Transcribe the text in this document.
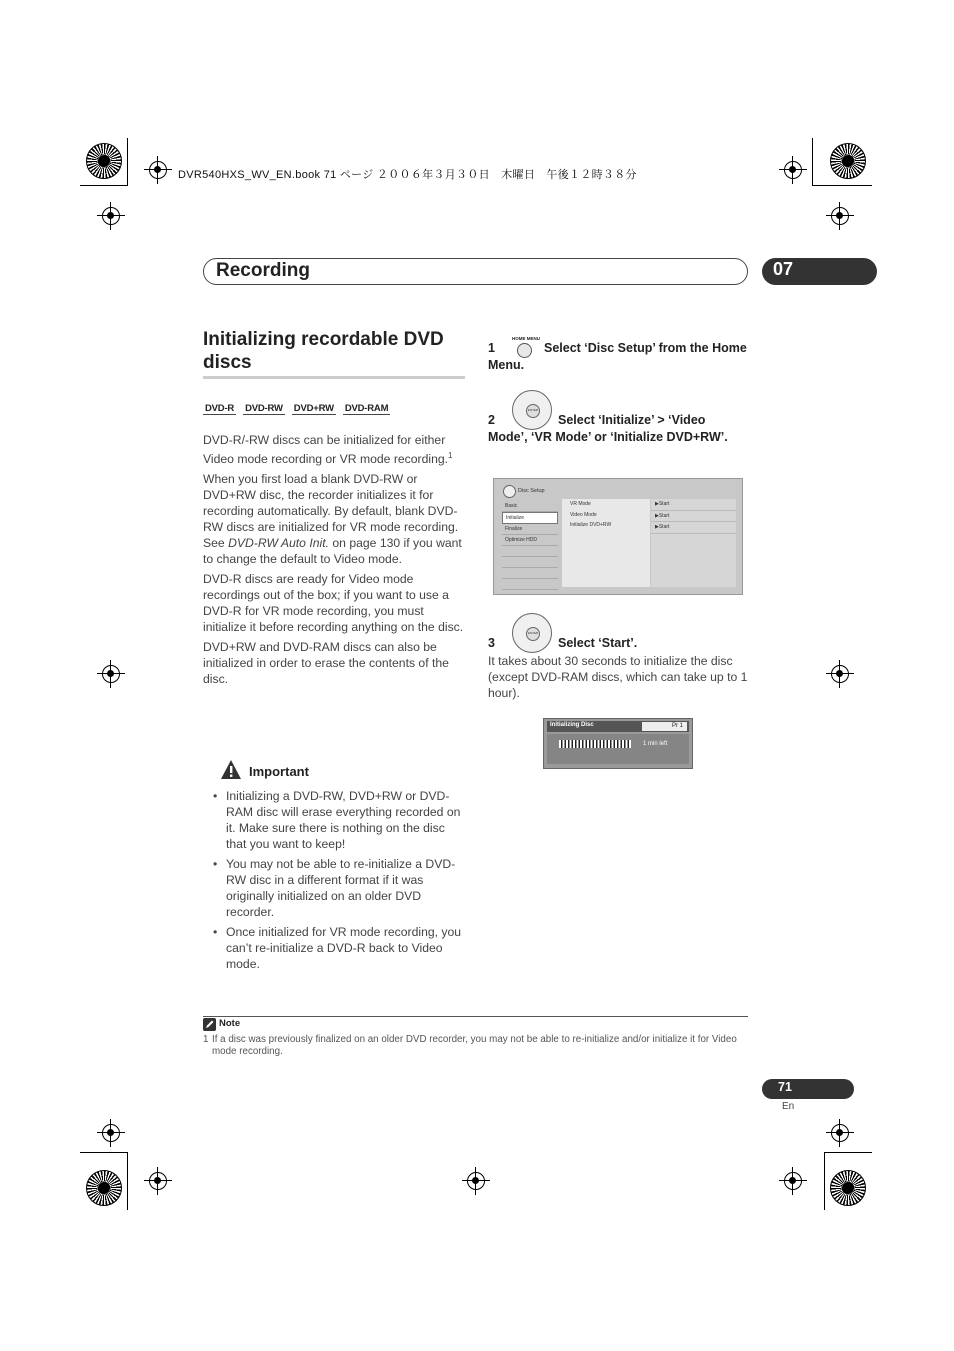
DVR540HXS_WV_EN.book 71 ページ ２００６年３月３０日　木曜日　午後１２時３８分
Recording	07
Initializing recordable DVD discs
DVD-R DVD-RW DVD+RW DVD-RAM

DVD-R/-RW discs can be initialized for either Video mode recording or VR mode recording.$^1$

When you first load a blank DVD-RW or DVD+RW disc, the recorder initializes it for recording automatically. By default, blank DVD-RW discs are initialized for VR mode recording. See DVD-RW Auto Init. on page 130 if you want to change the default to Video mode.

DVD-R discs are ready for Video mode recordings out of the box; if you want to use a DVD-R for VR mode recording, you must initialize it before recording anything on the disc.

DVD+RW and DVD-RAM discs can also be initialized in order to erase the contents of the disc.

Important
• Initializing a DVD-RW, DVD+RW or DVD-RAM disc will erase everything recorded on it. Make sure there is nothing on the disc that you want to keep!
• You may not be able to re-initialize a DVD-RW disc in a different format if it was originally initialized on an older DVD recorder.
• Once initialized for VR mode recording, you can’t re-initialize a DVD-R back to Video mode.
1
HOME MENU
Select ‘Disc Setup’ from the Home Menu.
ENTER
2	Select ‘Initialize’ > ‘Video Mode’, ‘VR Mode’ or ‘Initialize DVD+RW’.
Disc Setup
Basic
Initialize
Finalize
Optimize HDD
VR Mode
Video Mode
Initialize DVD+RW
▶Start
▶Start
▶Start
ENTER
3	Select ‘Start’.
It takes about 30 seconds to initialize the disc (except DVD-RAM discs, which can take up to 1 hour).
Initializing Disc	Pr 1
1 min left
Note
1 If a disc was previously finalized on an older DVD recorder, you may not be able to re-initialize and/or initialize it for Video mode recording.
71
En
